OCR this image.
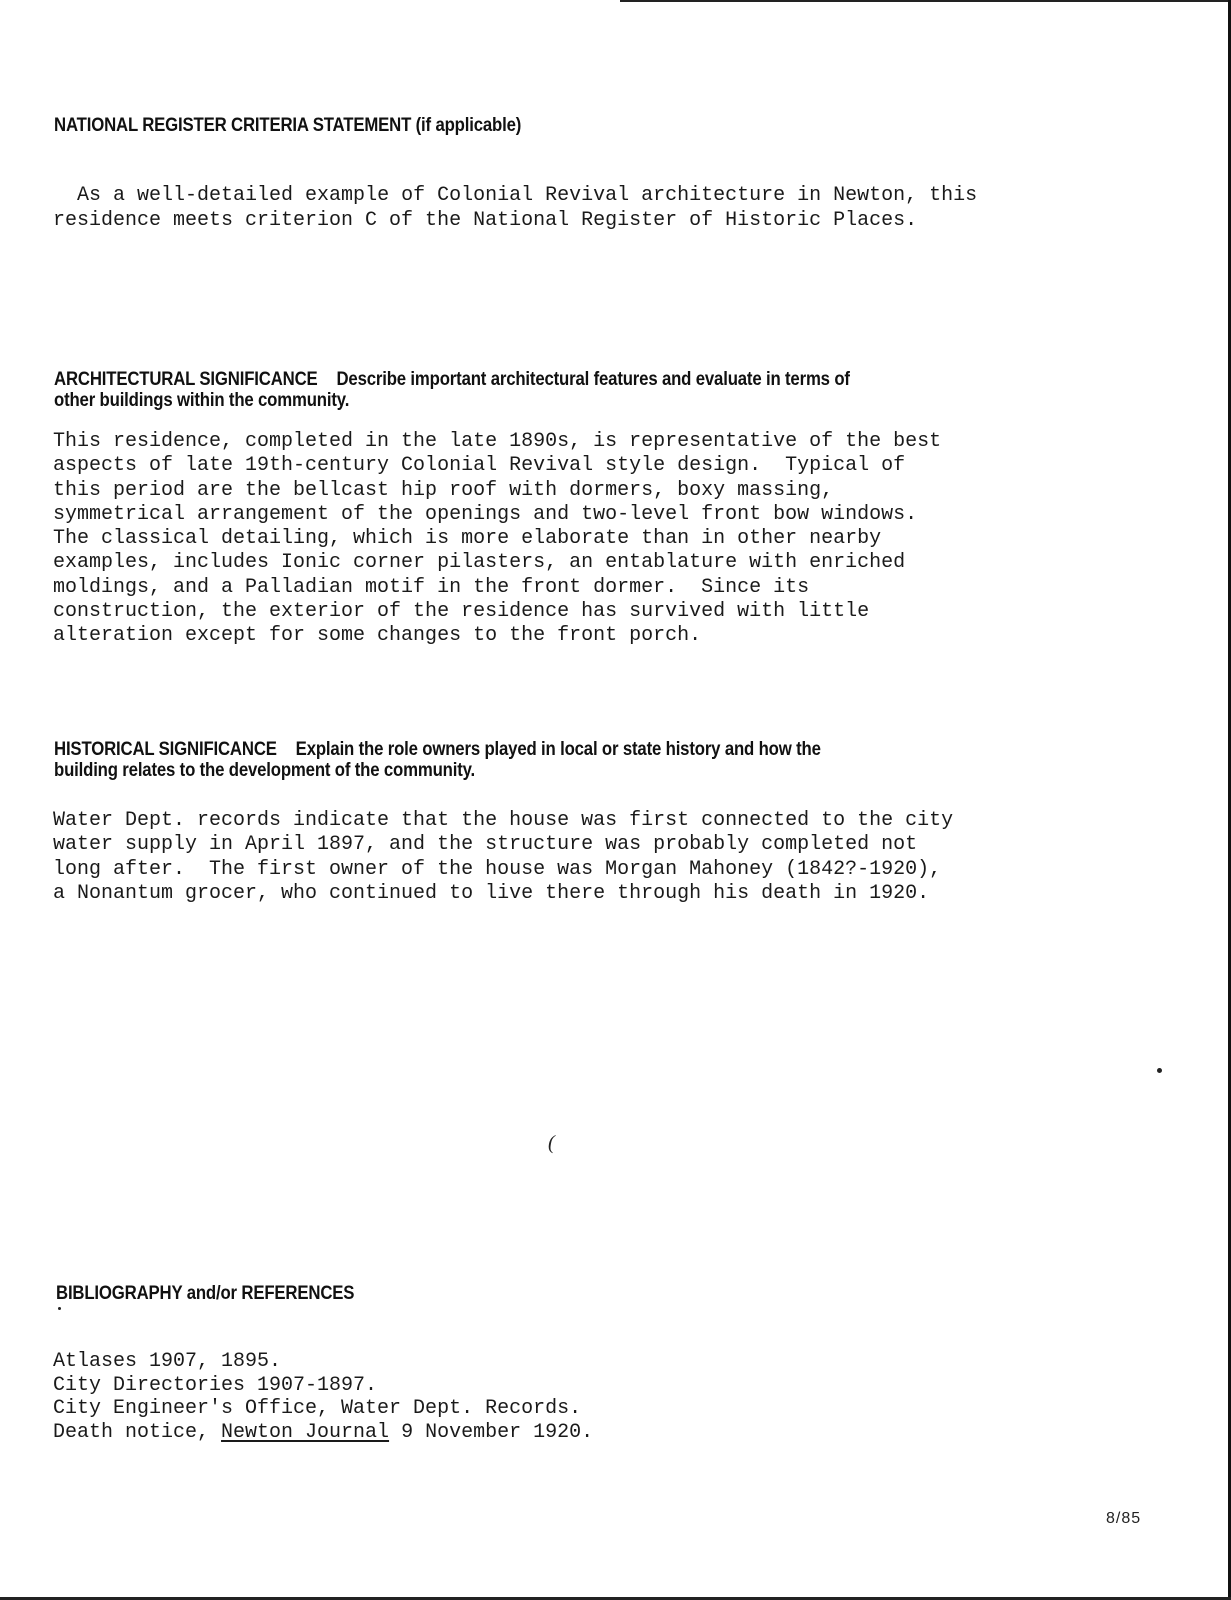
NATIONAL REGISTER CRITERIA STATEMENT (if applicable)

As a well-detailed example of Colonial Revival architecture in Newton, this
residence meets criterion C of the National Register of Historic Places.

ARCHITECTURAL SIGNIFICANCE Describe important architectural features and evaluate in terms of
other buildings within the community.
This residence, completed in the late 1890s, is representative of the best
aspects of late 19th-century Colonial Revival style design.  Typical of
this period are the bellcast hip roof with dormers, boxy massing,
symmetrical arrangement of the openings and two-level front bow windows.
The classical detailing, which is more elaborate than in other nearby
examples, includes Ionic corner pilasters, an entablature with enriched
moldings, and a Palladian motif in the front dormer.  Since its
construction, the exterior of the residence has survived with little
alteration except for some changes to the front porch.
HISTORICAL SIGNIFICANCE Explain the role owners played in local or state history and how the
building relates to the development of the community.
Water Dept. records indicate that the house was first connected to the city
water supply in April 1897, and the structure was probably completed not
long after.  The first owner of the house was Morgan Mahoney (1842?-1920),
a Nonantum grocer, who continued to live there through his death in 1920.
(
BIBLIOGRAPHY and/or REFERENCES
Atlases 1907, 1895.
City Directories 1907-1897.
City Engineer's Office, Water Dept. Records.
Death notice, Newton Journal 9 November 1920.
8/85
